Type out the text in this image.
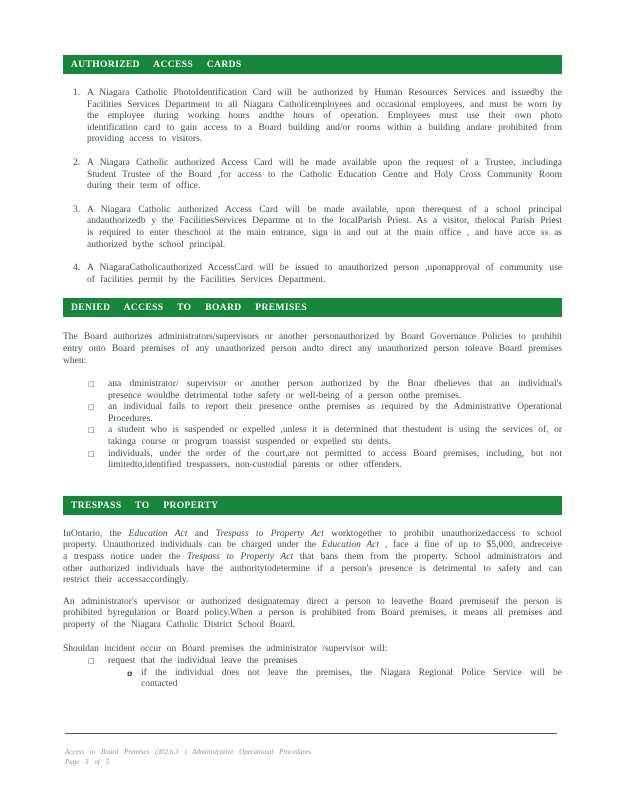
AUTHORIZED ACCESS CARDS
1. A Niagara Catholic PhotoIdentification Card will be authorized by Human Resources Services and issuedby the Facilities Services Department to all Niagara Catholicemployees and occasional employees, and must be worn by the employee during working hours andthe hours of operation. Employees must use their own photo identification card to gain access to a Board building and/or rooms within a building andare prohibited from providing access to visitors.
2. A Niagara Catholic authorized Access Card will be made available upon the request of a Trustee, includinga Student Trustee of the Board ,for access to the Catholic Education Centre and Holy Cross Community Room during their term of office.
3. A Niagara Catholic authorized Access Card will be made available, upon therequest of a school principal andauthorizedb y the FacilitiesServices Departme nt to the localParish Priest. As a visitor, thelocal Parish Priest is required to enter theschool at the main entrance, sign in and out at the main office , and have acce ss as authorized bythe school principal.
4. A NiagaraCatholicauthorized AccessCard will be issued to anauthorized person ,uponapproval of community use of facilities permit by the Facilities Services Department.
DENIED ACCESS TO BOARD PREMISES
The Board authorizes administrators/supervisors or another personauthorized by Board Governance Policies to prohibit entry onto Board premises of any unauthorized person andto direct any unauthorized person toleave Board premises when:
□	ana dministrator/ supervisor or another person authorized by the Boar dbelieves that an individual's presence wouldbe detrimental tothe safety or well-being of a person onthe premises.
□	an individual fails to report their presence onthe premises as required by the Administrative Operational Procedures.
□	a student who is suspended or expelled ,unless it is determined that thestudent is using the services of, or takinga course or program toassist suspended or expelled stu dents.
□	individuals, under the order of the court,are not permitted to access Board premises, including, but not limitedto,identified trespassers, non-custodial parents or other offenders.
TRESPASS TO PROPERTY
InOntario, the Education Act and Trespass to Property Act worktogether to prohibit unauthorizedaccess to school property. Unauthorized individuals can be charged under the Education Act , face a fine of up to $5,000, andreceive a trespass notice under the Trespass to Property Act that bans them from the property. School administrators and other authorized individuals have the authoritytodetermine if a person's presence is detrimental to safety and can restrict their accessaccordingly.
An administrator's upervisor or authorized designatemay direct a person to leavethe Board premisesif the person is prohibited byregulation or Board policy.When a person is prohibited from Board premises, it means all premises and property of the Niagara Catholic District School Board.
Shouldan incident occur on Board premises the administrator /supervisor will:
□	request that the individual leave the premises
o if the individual does not leave the premises, the Niagara Regional Police Service will be contacted
Access to Board Premises (302.6.3 ) Administrative Operational Procedures
Page 3 of 5
